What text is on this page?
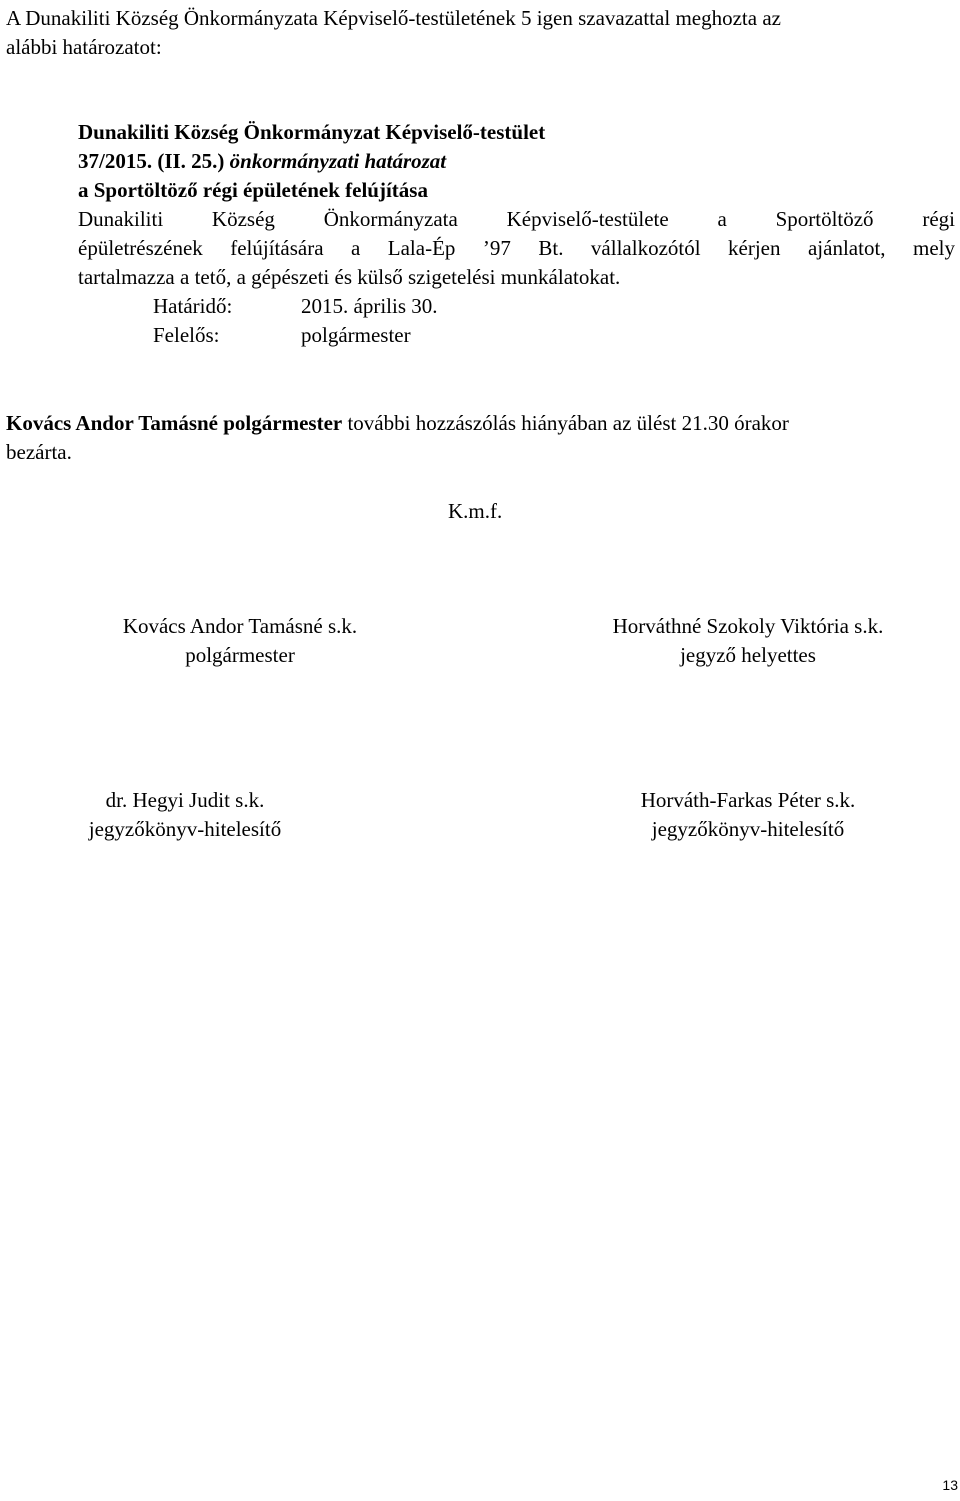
A Dunakiliti Község Önkormányzata Képviselő-testületének 5 igen szavazattal meghozta az
alábbi határozatot:
Dunakiliti Község Önkormányzat Képviselő-testület
37/2015. (II. 25.) önkormányzati határozat
a Sportöltöző régi épületének felújítása
Dunakiliti Község Önkormányzata Képviselő-testülete a Sportöltöző régi
épületrészének felújítására a Lala-Ép ’97 Bt. vállalkozótól kérjen ajánlatot, mely
tartalmazza a tető, a gépészeti és külső szigetelési munkálatokat.
Határidő:	2015. április 30.
Felelős:	polgármester
Kovács Andor Tamásné polgármester további hozzászólás hiányában az ülést 21.30 órakor
bezárta.
K.m.f.
Kovács Andor Tamásné s.k.
polgármester
Horváthné Szokoly Viktória s.k.
jegyző helyettes
dr. Hegyi Judit s.k.
jegyzőkönyv-hitelesítő
Horváth-Farkas Péter s.k.
jegyzőkönyv-hitelesítő
13
